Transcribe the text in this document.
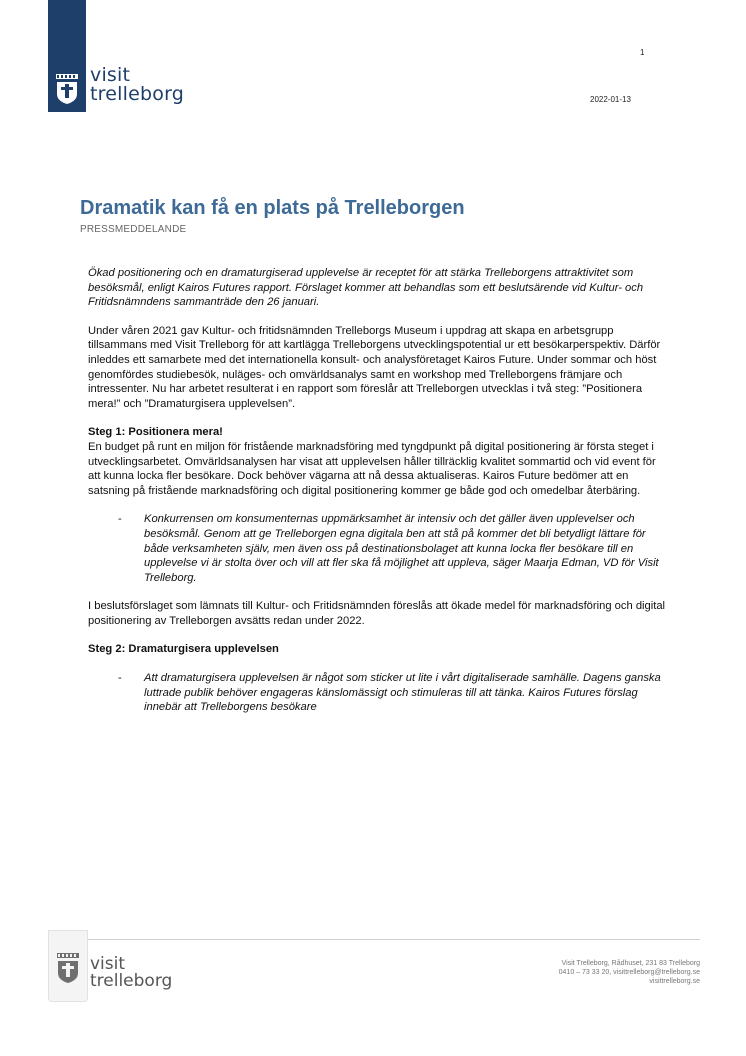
visit
trelleborg
1
2022-01-13
Dramatik kan få en plats på Trelleborgen
PRESSMEDDELANDE

Ökad positionering och en dramaturgiserad upplevelse är receptet för att stärka Trelleborgens attraktivitet som besöksmål, enligt Kairos Futures rapport. Förslaget kommer att behandlas som ett beslutsärende vid Kultur- och Fritidsnämndens sammanträde den 26 januari.

Under våren 2021 gav Kultur- och fritidsnämnden Trelleborgs Museum i uppdrag att skapa en arbetsgrupp tillsammans med Visit Trelleborg för att kartlägga Trelleborgens utvecklingspotential ur ett besökarperspektiv. Därför inleddes ett samarbete med det internationella konsult- och analysföretaget Kairos Future. Under sommar och höst genomfördes studiebesök, nuläges- och omvärldsanalys samt en workshop med Trelleborgens främjare och intressenter. Nu har arbetet resulterat i en rapport som föreslår att Trelleborgen utvecklas i två steg: ”Positionera mera!” och ”Dramaturgisera upplevelsen”.

Steg 1: Positionera mera!

En budget på runt en miljon för fristående marknadsföring med tyngdpunkt på digital positionering är första steget i utvecklingsarbetet. Omvärldsanalysen har visat att upplevelsen håller tillräcklig kvalitet sommartid och vid event för att kunna locka fler besökare. Dock behöver vägarna att nå dessa aktualiseras. Kairos Future bedömer att en satsning på fristående marknadsföring och digital positionering kommer ge både god och omedelbar återbäring.

- Konkurrensen om konsumenternas uppmärksamhet är intensiv och det gäller även upplevelser och besöksmål. Genom att ge Trelleborgen egna digitala ben att stå på kommer det bli betydligt lättare för både verksamheten själv, men även oss på destinationsbolaget att kunna locka fler besökare till en upplevelse vi är stolta över och vill att fler ska få möjlighet att uppleva, säger Maarja Edman, VD för Visit Trelleborg.

I beslutsförslaget som lämnats till Kultur- och Fritidsnämnden föreslås att ökade medel för marknadsföring och digital positionering av Trelleborgen avsätts redan under 2022.

Steg 2: Dramaturgisera upplevelsen

- Att dramaturgisera upplevelsen är något som sticker ut lite i vårt digitaliserade samhälle. Dagens ganska luttrade publik behöver engageras känslomässigt och stimuleras till att tänka. Kairos Futures förslag innebär att Trelleborgens besökare
visit
trelleborg
Visit Trelleborg, Rådhuset, 231 83 Trelleborg
0410 – 73 33 20, visittrelleborg@trelleborg.se
visittrelleborg.se
